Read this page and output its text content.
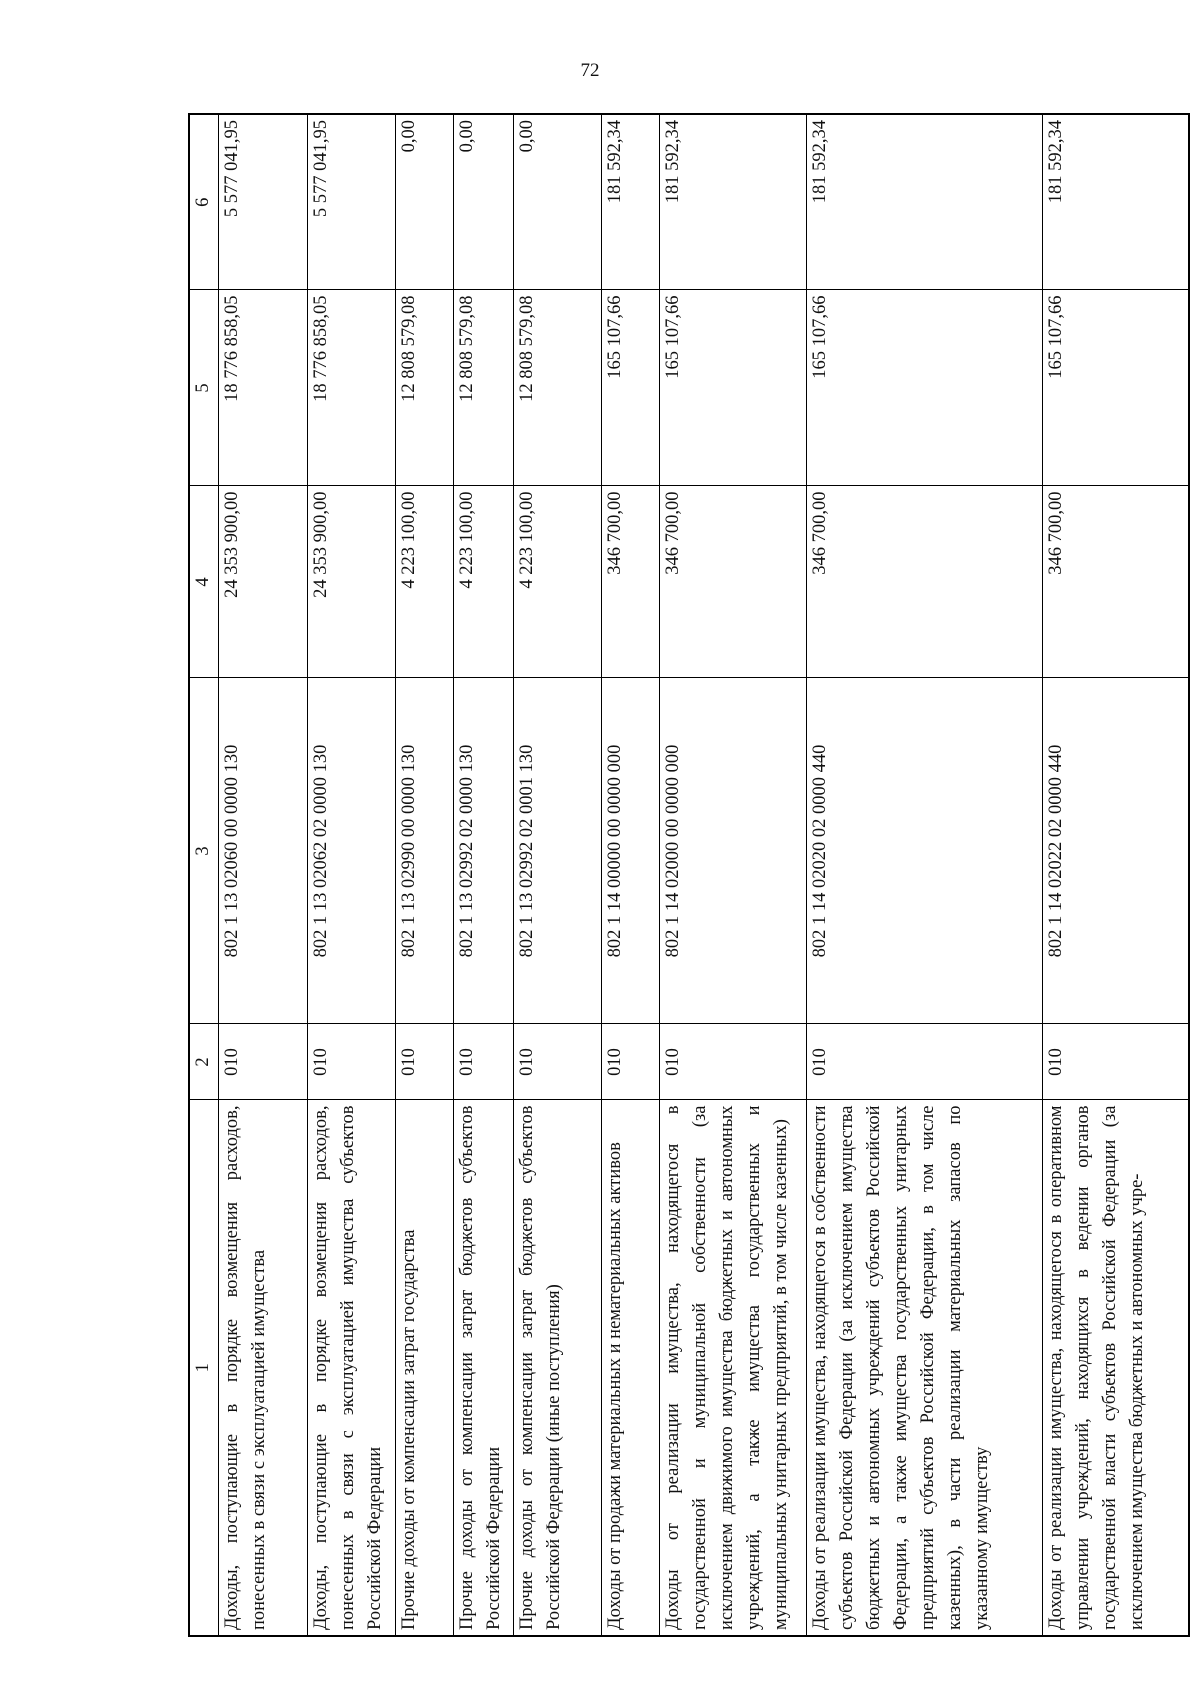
72
1	2	3	4	5	6
Доходы, поступающие в порядке возмещения расходов, понесенных в связи с эксплуатацией имущества	010	802 1 13 02060 00 0000 130	24 353 900,00	18 776 858,05	5 577 041,95
Доходы, поступающие в порядке возмещения расходов, понесенных в связи с эксплуатацией имущества субъектов Российской Федерации	010	802 1 13 02062 02 0000 130	24 353 900,00	18 776 858,05	5 577 041,95
Прочие доходы от компенсации затрат государства	010	802 1 13 02990 00 0000 130	4 223 100,00	12 808 579,08	0,00
Прочие доходы от компенсации затрат бюджетов субъектов Российской Федерации	010	802 1 13 02992 02 0000 130	4 223 100,00	12 808 579,08	0,00
Прочие доходы от компенсации затрат бюджетов субъектов Российской Федерации (иные поступления)	010	802 1 13 02992 02 0001 130	4 223 100,00	12 808 579,08	0,00
Доходы от продажи материальных и нематериальных активов	010	802 1 14 00000 00 0000 000	346 700,00	165 107,66	181 592,34
Доходы от реализации имущества, находящегося в государственной и муниципальной собственности (за исключением движимого имущества бюджетных и автономных учреждений, а также имущества государственных и муниципальных унитарных предприятий, в том числе казенных)	010	802 1 14 02000 00 0000 000	346 700,00	165 107,66	181 592,34
Доходы от реализации имущества, находящегося в собственности субъектов Российской Федерации (за исключением имущества бюджетных и автономных учреждений субъектов Российской Федерации, а также имущества государственных унитарных предприятий субъектов Российской Федерации, в том числе казенных), в части реализации материальных запасов по указанному имуществу	010	802 1 14 02020 02 0000 440	346 700,00	165 107,66	181 592,34
Доходы от реализации имущества, находящегося в оперативном управлении учреждений, находящихся в ведении органов государственной власти субъектов Российской Федерации (за исключением имущества бюджетных и автономных учре-	010	802 1 14 02022 02 0000 440	346 700,00	165 107,66	181 592,34
